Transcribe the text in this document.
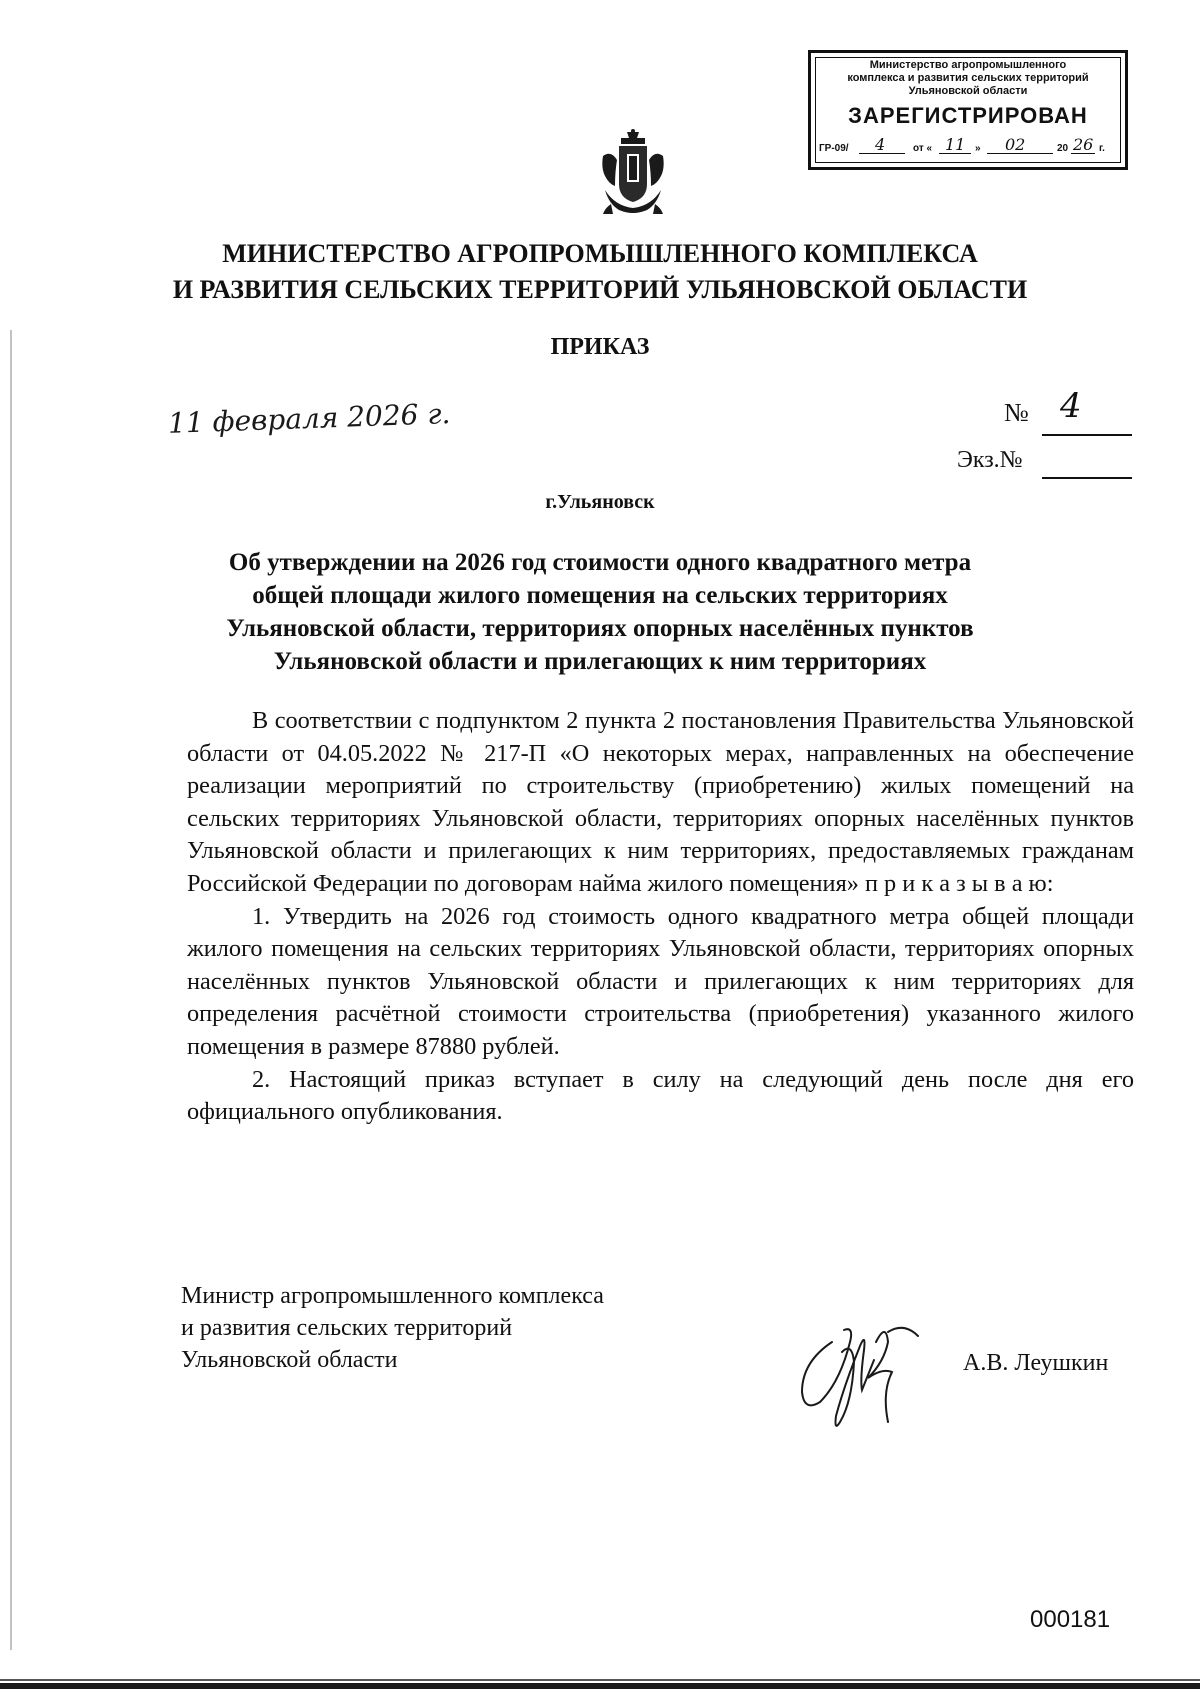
Министерство агропромышленного
комплекса и развития сельских территорий
Ульяновской области
ЗАРЕГИСТРИРОВАН
ГР-09/ 4	от « 11 » 02	20 26 г.
МИНИСТЕРСТВО АГРОПРОМЫШЛЕННОГО КОМПЛЕКСА
И РАЗВИТИЯ СЕЛЬСКИХ ТЕРРИТОРИЙ УЛЬЯНОВСКОЙ ОБЛАСТИ
ПРИКАЗ
11 февраля 2026 г.	№ 4
Экз.№
г.Ульяновск
Об утверждении на 2026 год стоимости одного квадратного метра
общей площади жилого помещения на сельских территориях
Ульяновской области, территориях опорных населённых пунктов
Ульяновской области и прилегающих к ним территориях

В соответствии с подпунктом 2 пункта 2 постановления Правительства Ульяновской области от 04.05.2022 № 217-П «О некоторых мерах, направленных на обеспечение реализации мероприятий по строительству (приобретению) жилых помещений на сельских территориях Ульяновской области, территориях опорных населённых пунктов Ульяновской области и прилегающих к ним территориях, предоставляемых гражданам Российской Федерации по договорам найма жилого помещения» п р и к а з ы в а ю:

1. Утвердить на 2026 год стоимость одного квадратного метра общей площади жилого помещения на сельских территориях Ульяновской области, территориях опорных населённых пунктов Ульяновской области и прилегающих к ним территориях для определения расчётной стоимости строительства (приобретения) указанного жилого помещения в размере 87880 рублей.

2. Настоящий приказ вступает в силу на следующий день после дня его официального опубликования.

Министр агропромышленного комплекса
и развития сельских территорий
Ульяновской области	А.В. Леушкин
000181
